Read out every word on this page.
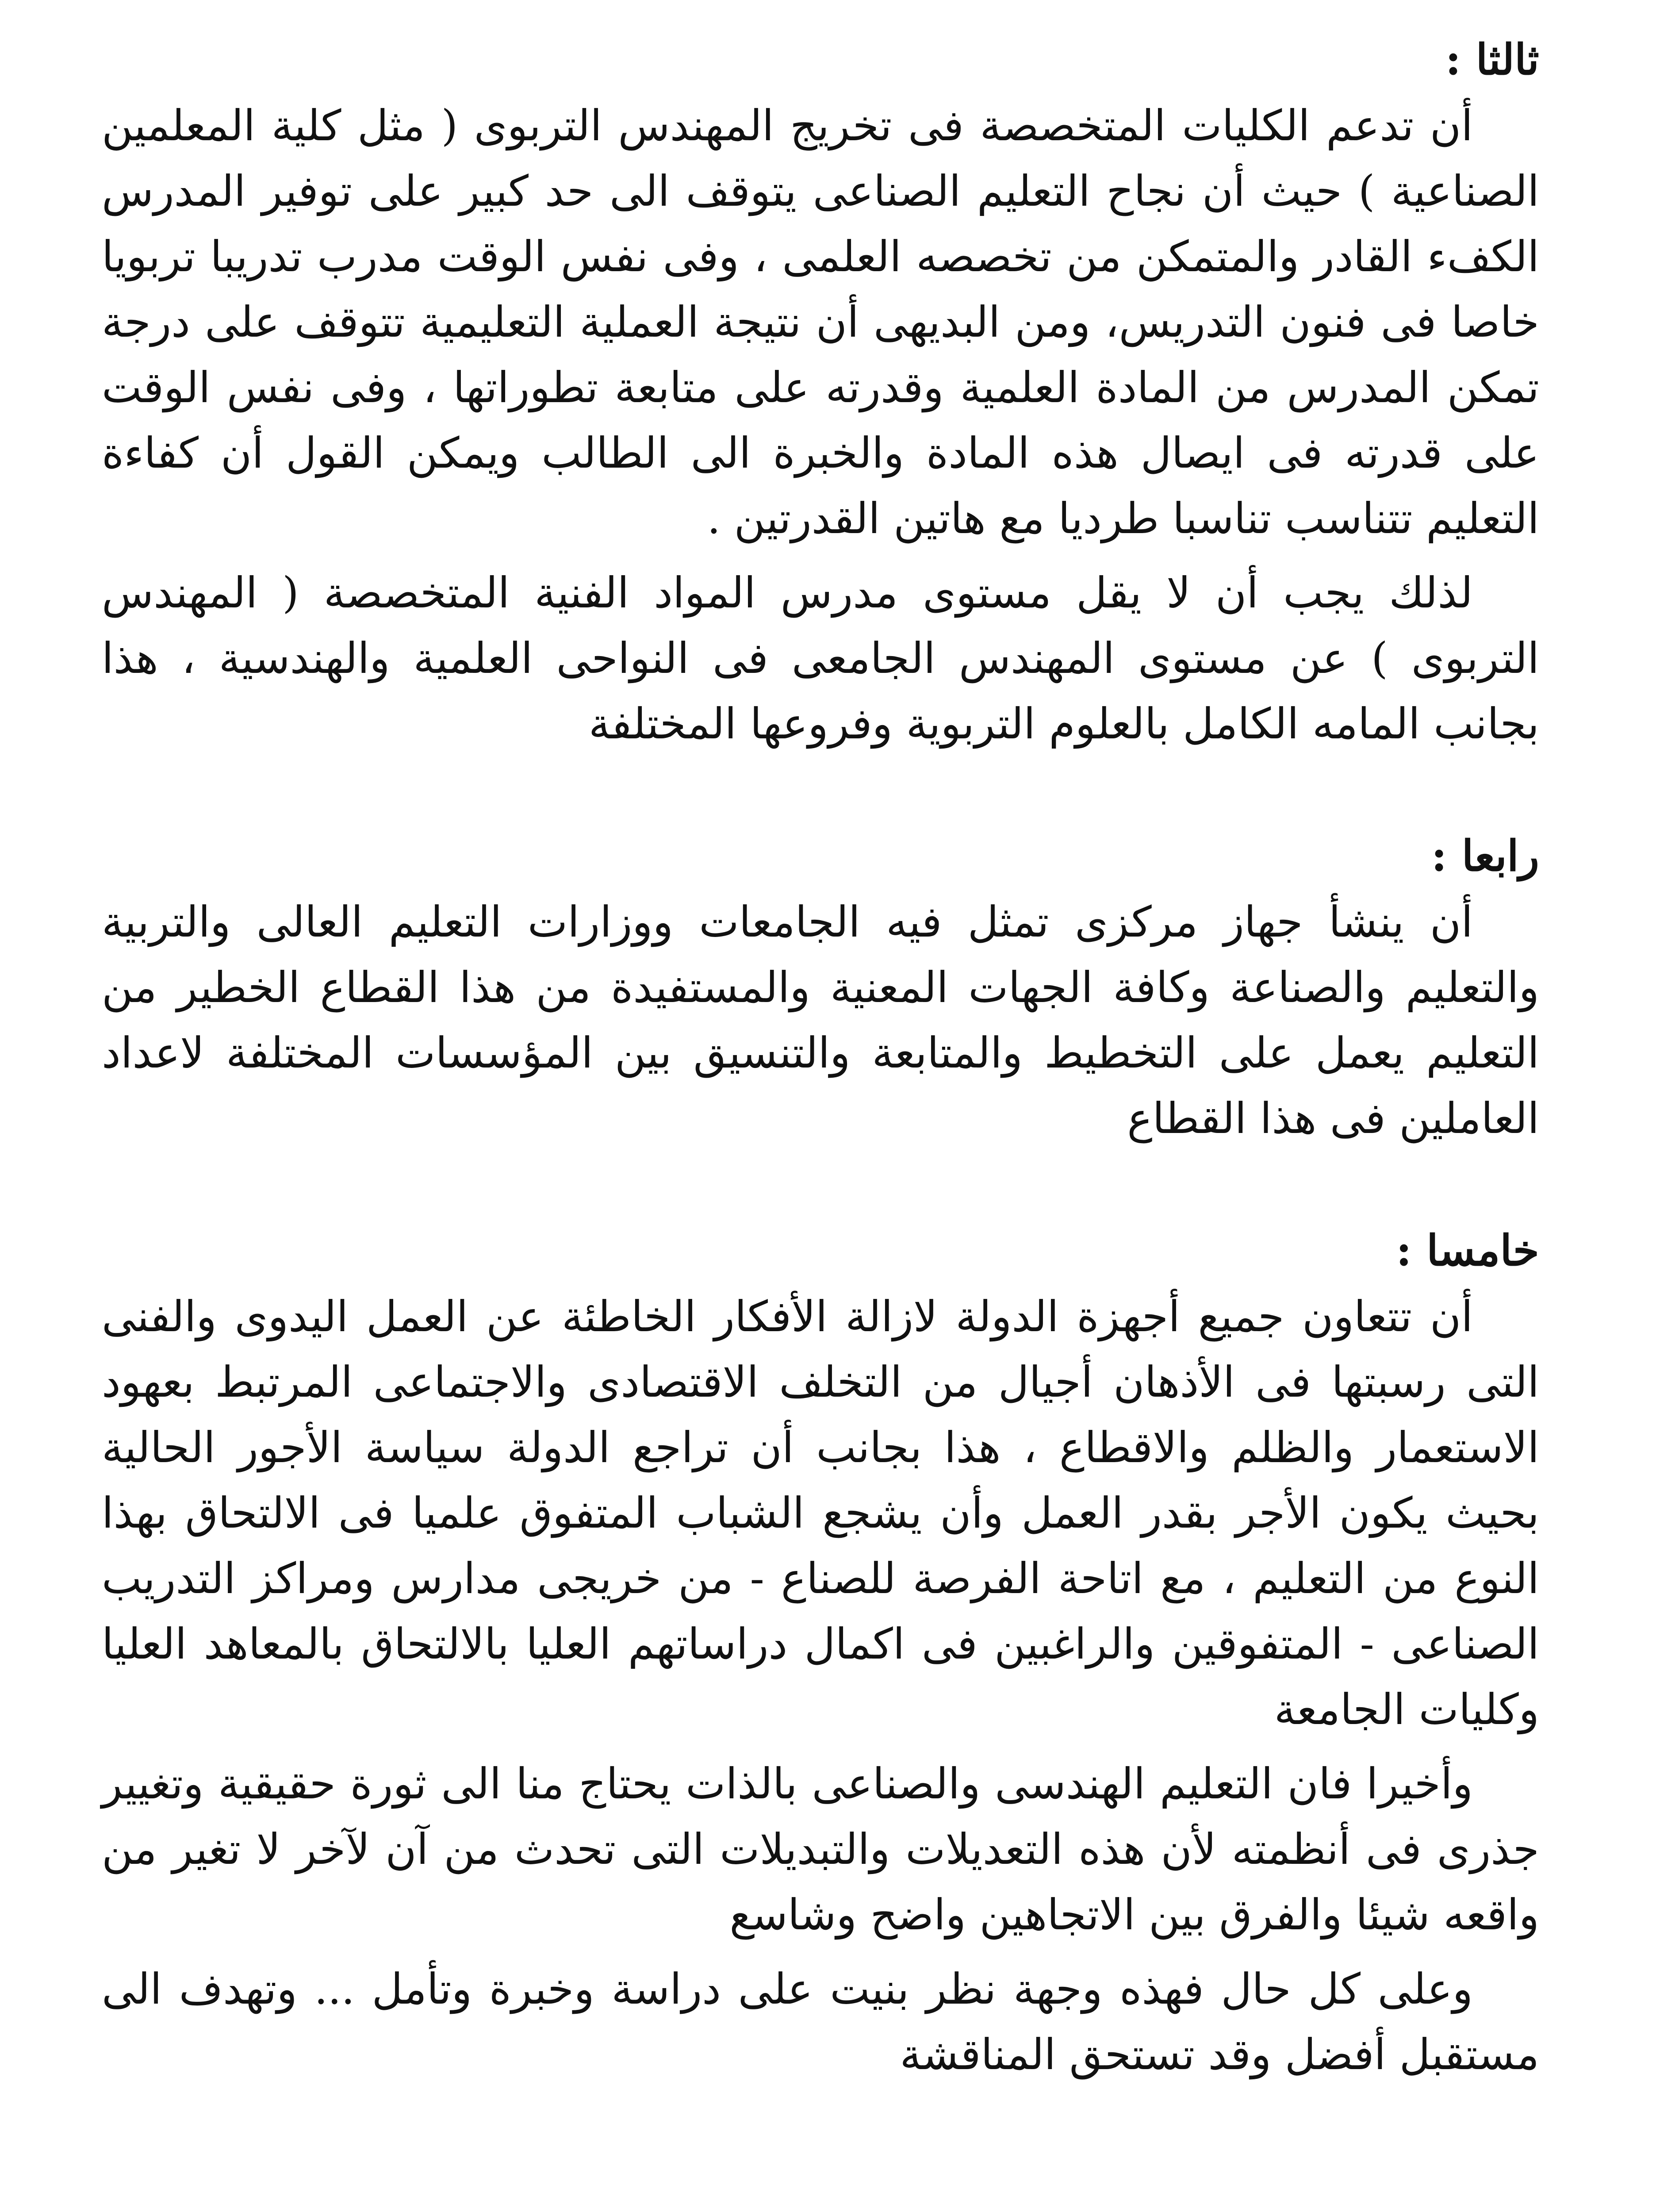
ثالثا :

أن تدعم الكليات المتخصصة فى تخريج المهندس التربوى ( مثل كلية المعلمين الصناعية ) حيث أن نجاح التعليم الصناعى يتوقف الى حد كبير على توفير المدرس الكفء القادر والمتمكن من تخصصه العلمى ، وفى نفس الوقت مدرب تدريبا تربويا خاصا فى فنون التدريس، ومن البديهى أن نتيجة العملية التعليمية تتوقف على درجة تمكن المدرس من المادة العلمية وقدرته على متابعة تطوراتها ، وفى نفس الوقت على قدرته فى ايصال هذه المادة والخبرة الى الطالب ويمكن القول أن كفاءة التعليم تتناسب تناسبا طرديا مع هاتين القدرتين .

لذلك يجب أن لا يقل مستوى مدرس المواد الفنية المتخصصة ( المهندس التربوى ) عن مستوى المهندس الجامعى فى النواحى العلمية والهندسية ، هذا بجانب المامه الكامل بالعلوم التربوية وفروعها المختلفة

رابعا :

أن ينشأ جهاز مركزى تمثل فيه الجامعات ووزارات التعليم العالى والتربية والتعليم والصناعة وكافة الجهات المعنية والمستفيدة من هذا القطاع الخطير من التعليم يعمل على التخطيط والمتابعة والتنسيق بين المؤسسات المختلفة لاعداد العاملين فى هذا القطاع

خامسا :

أن تتعاون جميع أجهزة الدولة لازالة الأفكار الخاطئة عن العمل اليدوى والفنى التى رسبتها فى الأذهان أجيال من التخلف الاقتصادى والاجتماعى المرتبط بعهود الاستعمار والظلم والاقطاع ، هذا بجانب أن تراجع الدولة سياسة الأجور الحالية بحيث يكون الأجر بقدر العمل وأن يشجع الشباب المتفوق علميا فى الالتحاق بهذا النوع من التعليم ، مع اتاحة الفرصة للصناع - من خريجى مدارس ومراكز التدريب الصناعى - المتفوقين والراغبين فى اكمال دراساتهم العليا بالالتحاق بالمعاهد العليا وكليات الجامعة

وأخيرا فان التعليم الهندسى والصناعى بالذات يحتاج منا الى ثورة حقيقية وتغيير جذرى فى أنظمته لأن هذه التعديلات والتبديلات التى تحدث من آن لآخر لا تغير من واقعه شيئا والفرق بين الاتجاهين واضح وشاسع

وعلى كل حال فهذه وجهة نظر بنيت على دراسة وخبرة وتأمل ... وتهدف الى مستقبل أفضل وقد تستحق المناقشة
